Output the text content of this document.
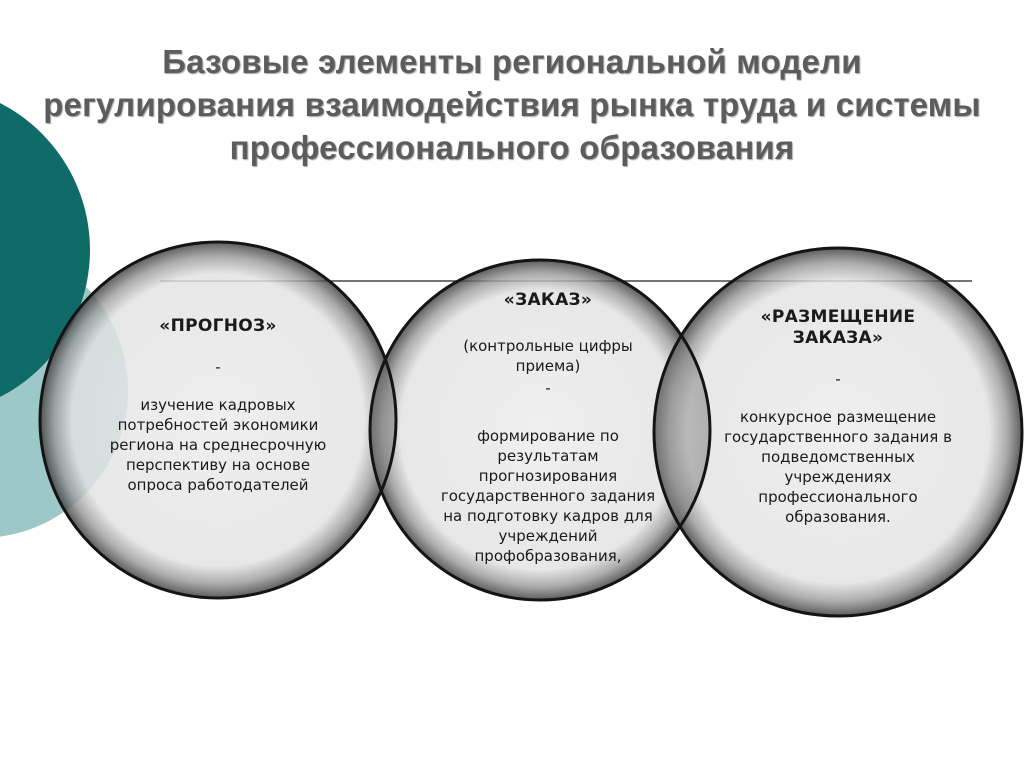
Базовые элементы региональной модели
регулирования взаимодействия рынка труда и системы
профессионального образования
«ПРОГНОЗ»
-
изучение кадровых потребностей экономики региона на среднесрочную перспективу на основе опроса работодателей
«ЗАКАЗ»
(контрольные цифры приема)
-
формирование по результатам прогнозирования государственного задания на подготовку кадров для учреждений профобразования,
«РАЗМЕЩЕНИЕ ЗАКАЗА»
-
конкурсное размещение государственного задания в подведомственных учреждениях профессионального образования.
